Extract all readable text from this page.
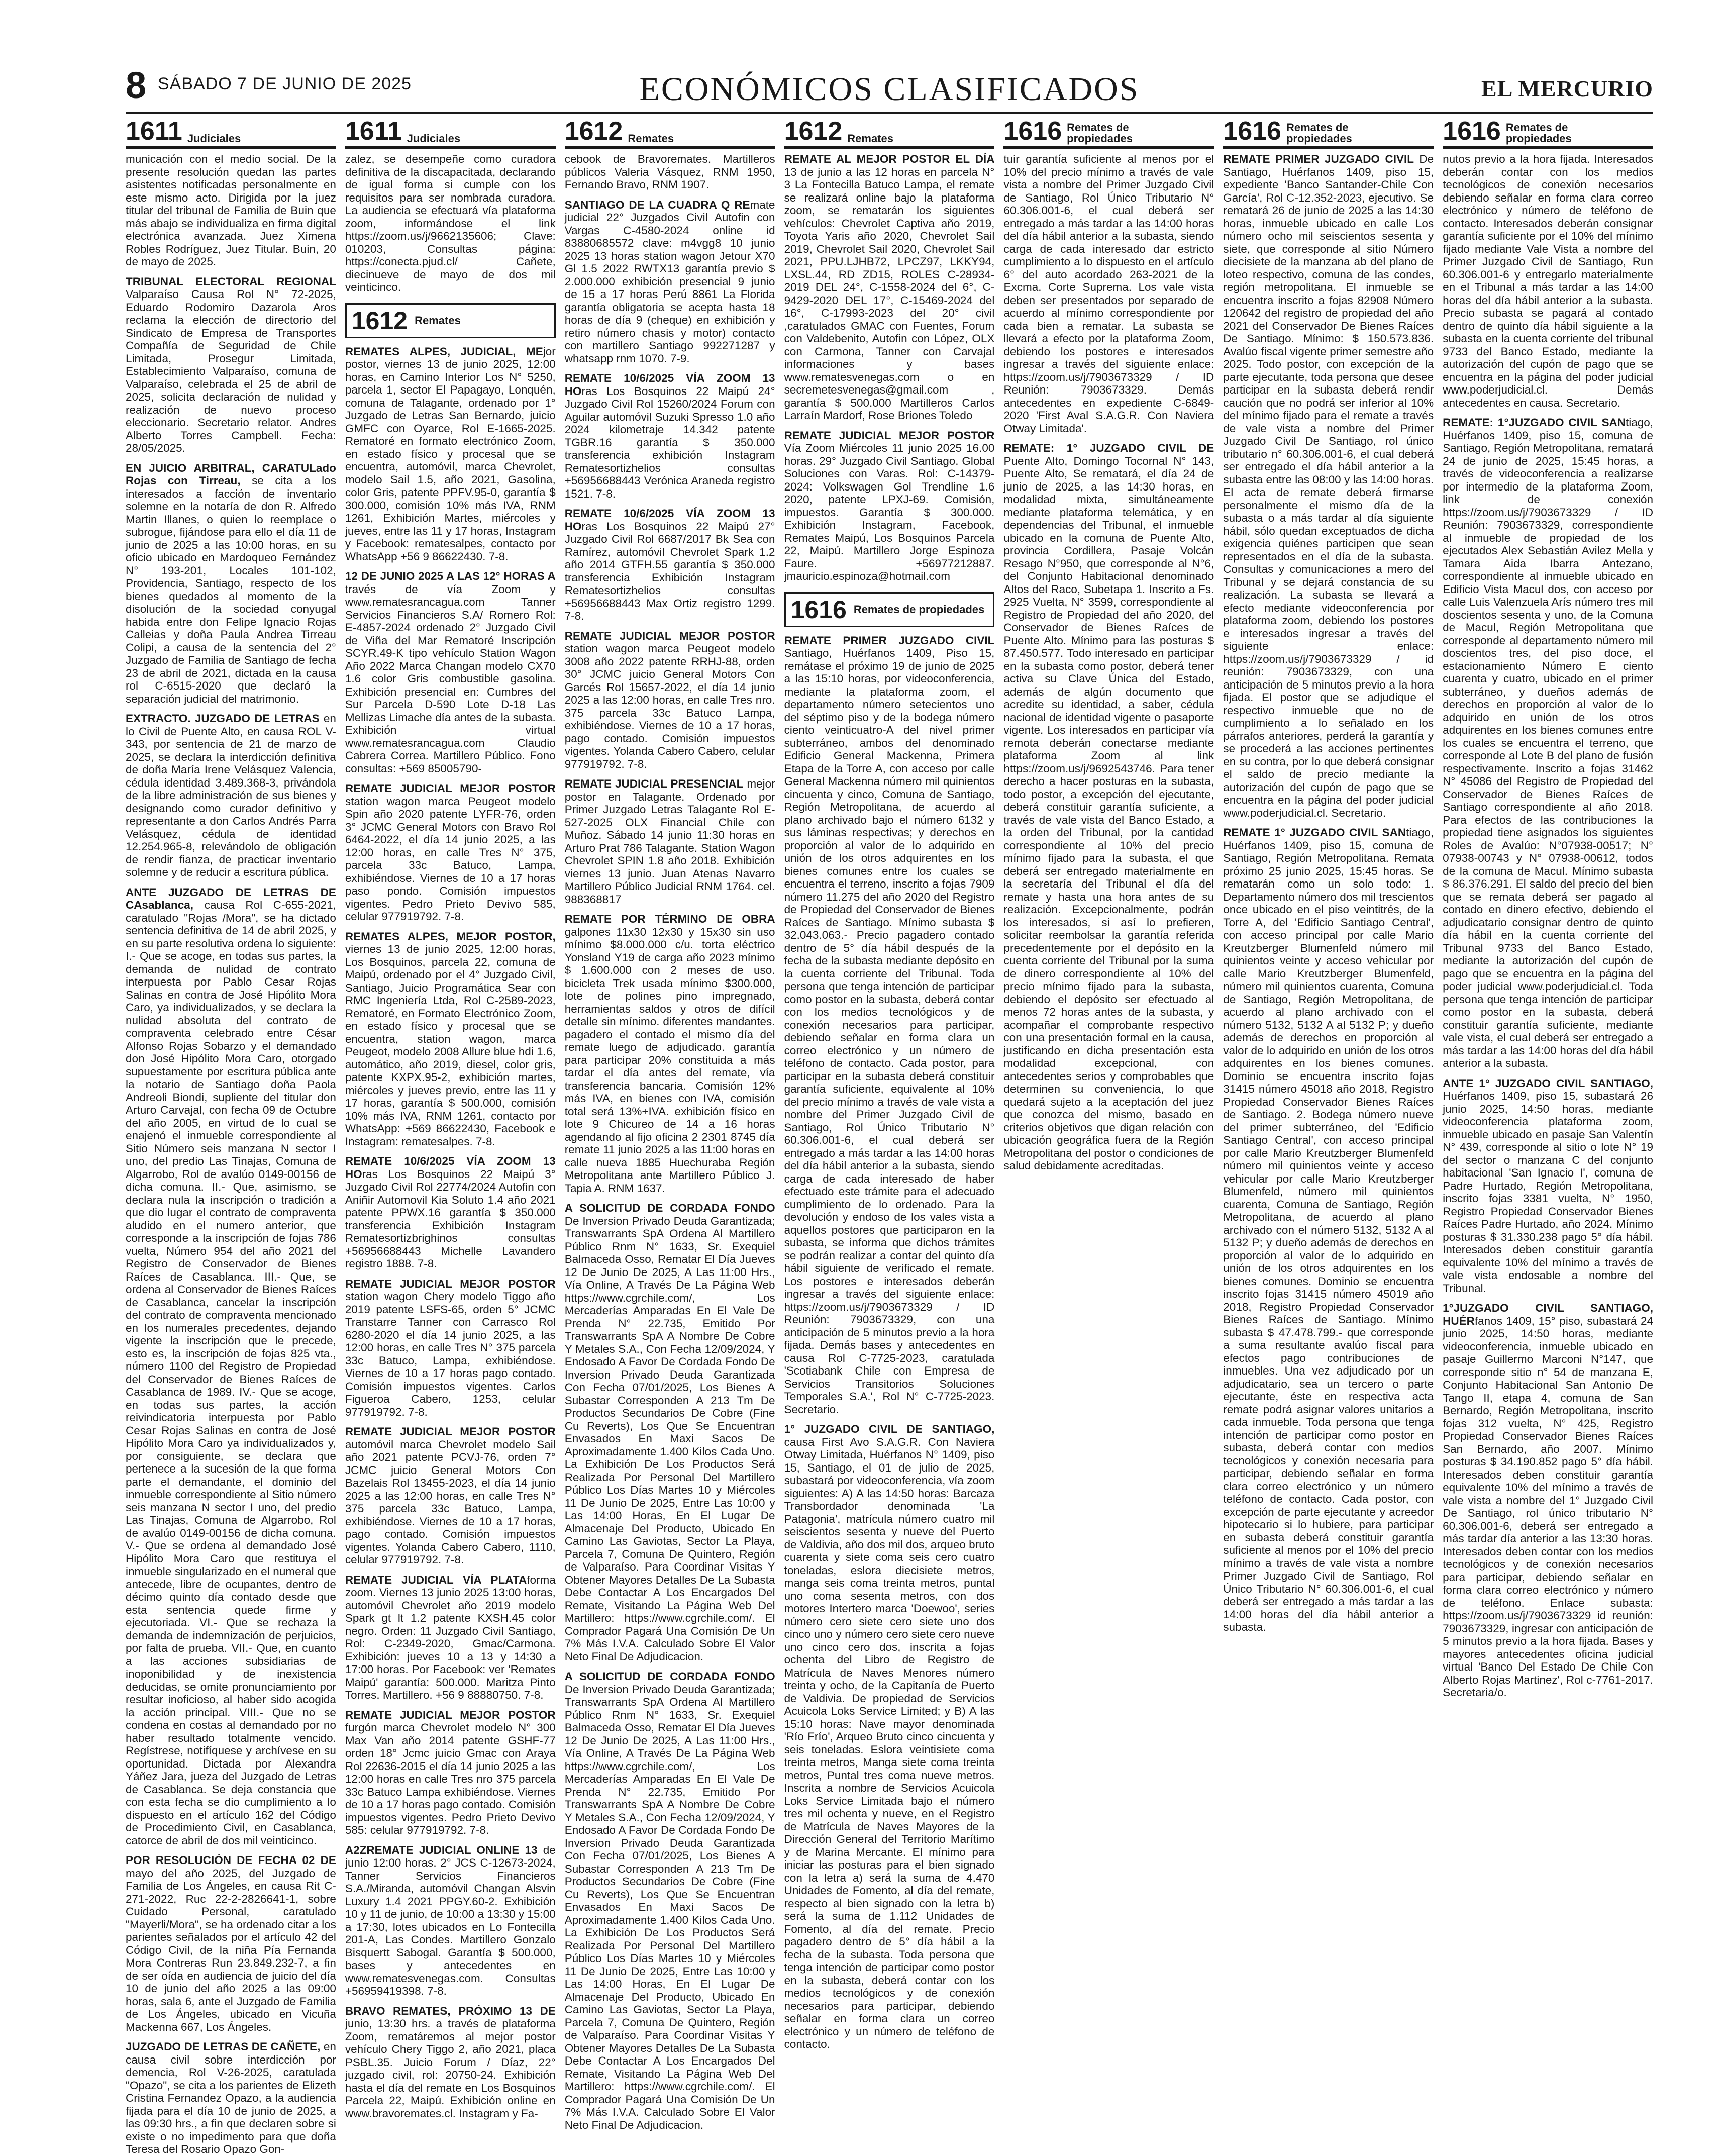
8 SÁBADO 7 DE JUNIO DE 2025	ECONÓMICOS CLASIFICADOS	EL MERCURIO
1611 Judiciales

municación con el medio social. De la presente resolución quedan las partes asistentes notificadas personalmente en este mismo acto. Dirigida por la juez titular del tribunal de Familia de Buin que más abajo se individualiza en firma digital electrónica avanzada. Juez Ximena Robles Rodríguez, Juez Titular. Buin, 20 de mayo de 2025.

TRIBUNAL ELECTORAL REGIONAL Valparaíso Causa Rol N° 72-2025, Eduardo Rodomiro Dazarola Aros reclama la elección de directorio del Sindicato de Empresa de Transportes Compañía de Seguridad de Chile Limitada, Prosegur Limitada, Establecimiento Valparaíso, comuna de Valparaíso, celebrada el 25 de abril de 2025, solicita declaración de nulidad y realización de nuevo proceso eleccionario. Secretario relator. Andres Alberto Torres Campbell. Fecha: 28/05/2025.

EN JUICIO ARBITRAL, CARATULado Rojas con Tirreau, se cita a los interesados a facción de inventario solemne en la notaría de don R. Alfredo Martin Illanes, o quien lo reemplace o subrogue, fijándose para ello el día 11 de junio de 2025 a las 10:00 horas, en su oficio ubicado en Mardoqueo Fernández N° 193-201, Locales 101-102, Providencia, Santiago, respecto de los bienes quedados al momento de la disolución de la sociedad conyugal habida entre don Felipe Ignacio Rojas Calleias y doña Paula Andrea Tirreau Colipi, a causa de la sentencia del 2° Juzgado de Familia de Santiago de fecha 23 de abril de 2021, dictada en la causa rol C-6515-2020 que declaró la separación judicial del matrimonio.

EXTRACTO. JUZGADO DE LETRAS en lo Civil de Puente Alto, en causa ROL V-343, por sentencia de 21 de marzo de 2025, se declara la interdicción definitiva de doña María Irene Velásquez Valencia, cédula identidad 3.489.368-3, privándola de la libre administración de sus bienes y designando como curador definitivo y representante a don Carlos Andrés Parra Velásquez, cédula de identidad 12.254.965-8, relevándolo de obligación de rendir fianza, de practicar inventario solemne y de reducir a escritura pública.

ANTE JUZGADO DE LETRAS DE CAsablanca, causa Rol C-655-2021, caratulado "Rojas /Mora", se ha dictado sentencia definitiva de 14 de abril 2025, y en su parte resolutiva ordena lo siguiente: I.- Que se acoge, en todas sus partes, la demanda de nulidad de contrato interpuesta por Pablo Cesar Rojas Salinas en contra de José Hipólito Mora Caro, ya individualizados, y se declara la nulidad absoluta del contrato de compraventa celebrado entre César Alfonso Rojas Sobarzo y el demandado don José Hipólito Mora Caro, otorgado supuestamente por escritura pública ante la notario de Santiago doña Paola Andreoli Biondi, supliente del titular don Arturo Carvajal, con fecha 09 de Octubre del año 2005, en virtud de lo cual se enajenó el inmueble correspondiente al Sitio Número seis manzana N sector I uno, del predio Las Tinajas, Comuna de Algarrobo, Rol de avalúo 0149-00156 de dicha comuna. II.- Que, asimismo, se declara nula la inscripción o tradición a que dio lugar el contrato de compraventa aludido en el numero anterior, que corresponde a la inscripción de fojas 786 vuelta, Número 954 del año 2021 del Registro de Conservador de Bienes Raíces de Casablanca. III.- Que, se ordena al Conservador de Bienes Raíces de Casablanca, cancelar la inscripción del contrato de compraventa mencionado en los numerales precedentes, dejando vigente la inscripción que le precede, esto es, la inscripción de fojas 825 vta., número 1100 del Registro de Propiedad del Conservador de Bienes Raíces de Casablanca de 1989. IV.- Que se acoge, en todas sus partes, la acción reivindicatoria interpuesta por Pablo Cesar Rojas Salinas en contra de José Hipólito Mora Caro ya individualizados y, por consiguiente, se declara que pertenece a la sucesión de la que forma parte el demandante, el dominio del inmueble correspondiente al Sitio número seis manzana N sector I uno, del predio Las Tinajas, Comuna de Algarrobo, Rol de avalúo 0149-00156 de dicha comuna. V.- Que se ordena al demandado José Hipólito Mora Caro que restituya el inmueble singularizado en el numeral que antecede, libre de ocupantes, dentro de décimo quinto día contado desde que esta sentencia quede firme y ejecutoriada. VI.- Que se rechaza la demanda de indemnización de perjuicios, por falta de prueba. VII.- Que, en cuanto a las acciones subsidiarias de inoponibilidad y de inexistencia deducidas, se omite pronunciamiento por resultar inoficioso, al haber sido acogida la acción principal. VIII.- Que no se condena en costas al demandado por no haber resultado totalmente vencido. Regístrese, notifíquese y archívese en su oportunidad. Dictada por Alexandra Yáñez Jara, jueza del Juzgado de Letras de Casablanca. Se deja constancia que con esta fecha se dio cumplimiento a lo dispuesto en el artículo 162 del Código de Procedimiento Civil, en Casablanca, catorce de abril de dos mil veinticinco.

POR RESOLUCIÓN DE FECHA 02 DE mayo del año 2025, del Juzgado de Familia de Los Ángeles, en causa Rit C-271-2022, Ruc 22-2-2826641-1, sobre Cuidado Personal, caratulado "Mayerli/Mora", se ha ordenado citar a los parientes señalados por el artículo 42 del Código Civil, de la niña Pía Fernanda Mora Contreras Run 23.849.232-7, a fin de ser oída en audiencia de juicio del día 10 de junio del año 2025 a las 09:00 horas, sala 6, ante el Juzgado de Familia de Los Ángeles, ubicado en Vicuña Mackenna 667, Los Ángeles.

JUZGADO DE LETRAS DE CAÑETE, en causa civil sobre interdicción por demencia, Rol V-26-2025, caratulada "Opazo", se cita a los parientes de Elizeth Cristina Fernandez Opazo, a la audiencia fijada para el día 10 de junio de 2025, a las 09:30 hrs., a fin que declaren sobre si existe o no impedimento para que doña Teresa del Rosario Opazo Gon-

1611 Judiciales

zalez, se desempeñe como curadora definitiva de la discapacitada, declarando de igual forma si cumple con los requisitos para ser nombrada curadora. La audiencia se efectuará vía plataforma zoom, informándose el link https://zoom.us/j/9662135606; Clave: 010203, Consultas página: https://conecta.pjud.cl/ Cañete, diecinueve de mayo de dos mil veinticinco.

1612 Remates

REMATES ALPES, JUDICIAL, MEjor postor, viernes 13 de junio 2025, 12:00 horas, en Camino Interior Los N° 5250, parcela 1, sector El Papagayo, Lonquén, comuna de Talagante, ordenado por 1° Juzgado de Letras San Bernardo, juicio GMFC con Oyarce, Rol E-1665-2025. Rematoré en formato electrónico Zoom, en estado físico y procesal que se encuentra, automóvil, marca Chevrolet, modelo Sail 1.5, año 2021, Gasolina, color Gris, patente PPFV.95-0, garantía $ 300.000, comisión 10% más IVA, RNM 1261, Exhibición Martes, miércoles y jueves, entre las 11 y 17 horas, Instagram y Facebook: rematesalpes, contacto por WhatsApp +56 9 86622430. 7-8.

12 DE JUNIO 2025 A LAS 12° HORAS A través de vía Zoom y www.rematesrancagua.com Tanner Servicios Financieros S.A/ Romero Rol: E-4857-2024 ordenado 2° Juzgado Civil de Viña del Mar Rematoré Inscripción SCYR.49-K tipo vehículo Station Wagon Año 2022 Marca Changan modelo CX70 1.6 color Gris combustible gasolina. Exhibición presencial en: Cumbres del Sur Parcela D-590 Lote D-18 Las Mellizas Limache día antes de la subasta. Exhibición virtual www.rematesrancagua.com Claudio Cabrera Correa. Martillero Público. Fono consultas: +569 85005790-

REMATE JUDICIAL MEJOR POSTOR station wagon marca Peugeot modelo Spin año 2020 patente LYFR-76, orden 3° JCMC General Motors con Bravo Rol 6464-2022, el día 14 junio 2025, a las 12:00 horas, en calle Tres N° 375, parcela 33c Batuco, Lampa, exhibiéndose. Viernes de 10 a 17 horas paso pondo. Comisión impuestos vigentes. Pedro Prieto Devivo 585, celular 977919792. 7-8.

REMATES ALPES, MEJOR POSTOR, viernes 13 de junio 2025, 12:00 horas, Los Bosquinos, parcela 22, comuna de Maipú, ordenado por el 4° Juzgado Civil, Santiago, Juicio Programática Sear con RMC Ingeniería Ltda, Rol C-2589-2023, Rematoré, en Formato Electrónico Zoom, en estado físico y procesal que se encuentra, station wagon, marca Peugeot, modelo 2008 Allure blue hdi 1.6, automático, año 2019, diesel, color gris, patente KXPX.95-2, exhibición martes, miércoles y jueves previo, entre las 11 y 17 horas, garantía $ 500.000, comisión 10% más IVA, RNM 1261, contacto por WhatsApp: +569 86622430, Facebook e Instagram: rematesalpes. 7-8.

REMATE 10/6/2025 VÍA ZOOM 13 HOras Los Bosquinos 22 Maipú 3° Juzgado Civil Rol 22774/2024 Autofin con Aniñir Automovil Kia Soluto 1.4 año 2021 patente PPWX.16 garantía $ 350.000 transferencia Exhibición Instagram Rematesortizbrighinos consultas +56956688443 Michelle Lavandero registro 1888. 7-8.

REMATE JUDICIAL MEJOR POSTOR station wagon Chery modelo Tiggo año 2019 patente LSFS-65, orden 5° JCMC Transtarre Tanner con Carrasco Rol 6280-2020 el día 14 junio 2025, a las 12:00 horas, en calle Tres N° 375 parcela 33c Batuco, Lampa, exhibiéndose. Viernes de 10 a 17 horas pago contado. Comisión impuestos vigentes. Carlos Figueroa Cabero, 1253, celular 977919792. 7-8.

REMATE JUDICIAL MEJOR POSTOR automóvil marca Chevrolet modelo Sail año 2021 patente PCVJ-76, orden 7° JCMC juicio General Motors Con Bazelais Rol 13455-2023, el día 14 junio 2025 a las 12:00 horas, en calle Tres N° 375 parcela 33c Batuco, Lampa, exhibiéndose. Viernes de 10 a 17 horas, pago contado. Comisión impuestos vigentes. Yolanda Cabero Cabero, 1110, celular 977919792. 7-8.

REMATE JUDICIAL VÍA PLATAforma zoom. Viernes 13 junio 2025 13:00 horas, automóvil Chevrolet año 2019 modelo Spark gt lt 1.2 patente KXSH.45 color negro. Orden: 11 Juzgado Civil Santiago, Rol: C-2349-2020, Gmac/Carmona. Exhibición: jueves 10 a 13 y 14:30 a 17:00 horas. Por Facebook: ver 'Remates Maipú' garantía: 500.000. Maritza Pinto Torres. Martillero. +56 9 88880750. 7-8.

REMATE JUDICIAL MEJOR POSTOR furgón marca Chevrolet modelo N° 300 Max Van año 2014 patente GSHF-77 orden 18° Jcmc juicio Gmac con Araya Rol 22636-2015 el día 14 junio 2025 a las 12:00 horas en calle Tres nro 375 parcela 33c Batuco Lampa exhibiéndose. Viernes de 10 a 17 horas pago contado. Comisión impuestos vigentes. Pedro Prieto Devivo 585: celular 977919792. 7-8.

A2ZREMATE JUDICIAL ONLINE 13 de junio 12:00 horas. 2° JCS C-12673-2024, Tanner Servicios Financieros S.A./Miranda, automóvil Changan Alsvin Luxury 1.4 2021 PPGY.60-2. Exhibición 10 y 11 de junio, de 10:00 a 13:30 y 15:00 a 17:30, lotes ubicados en Lo Fontecilla 201-A, Las Condes. Martillero Gonzalo Bisquertt Sabogal. Garantía $ 500.000, bases y antecedentes en www.rematesvenegas.com. Consultas +56959419398. 7-8.

BRAVO REMATES, PRÓXIMO 13 DE junio, 13:30 hrs. a través de plataforma Zoom, rematáremos al mejor postor vehículo Chery Tiggo 2, año 2021, placa PSBL.35. Juicio Forum / Díaz, 22° juzgado civil, rol: 20750-24. Exhibición hasta el día del remate en Los Bosquinos Parcela 22, Maipú. Exhibición online en www.bravoremates.cl. Instagram y Fa-

1612 Remates

cebook de Bravoremates. Martilleros públicos Valeria Vásquez, RNM 1950, Fernando Bravo, RNM 1907.

SANTIAGO DE LA CUADRA Q REmate judicial 22° Juzgados Civil Autofin con Vargas C-4580-2024 online id 83880685572 clave: m4vgg8 10 junio 2025 13 horas station wagon Jetour X70 Gl 1.5 2022 RWTX13 garantía previo $ 2.000.000 exhibición presencial 9 junio de 15 a 17 horas Perú 8861 La Florida garantía obligatoria se acepta hasta 18 horas de día 9 (cheque) en exhibición y retiro número chasis y motor) contacto con martillero Santiago 992271287 y whatsapp rnm 1070. 7-9.

REMATE 10/6/2025 VÍA ZOOM 13 HOras Los Bosquinos 22 Maipú 24° Juzgado Civil Rol 15260/2024 Forum con Aguilar automóvil Suzuki Spresso 1.0 año 2024 kilometraje 14.342 patente TGBR.16 garantía $ 350.000 transferencia exhibición Instagram Rematesortizhelios consultas +56956688443 Verónica Araneda registro 1521. 7-8.

REMATE 10/6/2025 VÍA ZOOM 13 HOras Los Bosquinos 22 Maipú 27° Juzgado Civil Rol 6687/2017 Bk Sea con Ramírez, automóvil Chevrolet Spark 1.2 año 2014 GTFH.55 garantía $ 350.000 transferencia Exhibición Instagram Rematesortizhelios consultas +56956688443 Max Ortiz registro 1299. 7-8.

REMATE JUDICIAL MEJOR POSTOR station wagon marca Peugeot modelo 3008 año 2022 patente RRHJ-88, orden 30° JCMC juicio General Motors Con Garcés Rol 15657-2022, el día 14 junio 2025 a las 12:00 horas, en calle Tres nro. 375 parcela 33c Batuco Lampa, exhibiéndose. Viernes de 10 a 17 horas, pago contado. Comisión impuestos vigentes. Yolanda Cabero Cabero, celular 977919792. 7-8.

REMATE JUDICIAL PRESENCIAL mejor postor en Talagante. Ordenado por Primer Juzgado Letras Talagante Rol E-527-2025 OLX Financial Chile con Muñoz. Sábado 14 junio 11:30 horas en Arturo Prat 786 Talagante. Station Wagon Chevrolet SPIN 1.8 año 2018. Exhibición viernes 13 junio. Juan Atenas Navarro Martillero Público Judicial RNM 1764. cel. 988368817

REMATE POR TÉRMINO DE OBRA galpones 11x30 12x30 y 15x30 sin uso mínimo $8.000.000 c/u. torta eléctrico Yonsland Y19 de carga año 2023 mínimo $ 1.600.000 con 2 meses de uso. bicicleta Trek usada mínimo $300.000, lote de polines pino impregnado, herramientas saldos y otros de difícil detalle sin mínimo. diferentes mandantes. pagadero el contado el mismo día del remate luego de adjudicado. garantía para participar 20% constituida a más tardar el día antes del remate, vía transferencia bancaria. Comisión 12% más IVA, en bienes con IVA, comisión total será 13%+IVA. exhibición físico en lote 9 Chicureo de 14 a 16 horas agendando al fijo oficina 2 2301 8745 día remate 11 junio 2025 a las 11:00 horas en calle nueva 1885 Huechuraba Región Metropolitana ante Martillero Público J. Tapia A. RNM 1637.

A SOLICITUD DE CORDADA FONDO De Inversion Privado Deuda Garantizada; Transwarrants SpA Ordena Al Martillero Público Rnm N° 1633, Sr. Exequiel Balmaceda Osso, Rematar El Día Jueves 12 De Junio De 2025, A Las 11:00 Hrs., Vía Online, A Través De La Página Web https://www.cgrchile.com/, Los Mercaderías Amparadas En El Vale De Prenda N° 22.735, Emitido Por Transwarrants SpA A Nombre De Cobre Y Metales S.A., Con Fecha 12/09/2024, Y Endosado A Favor De Cordada Fondo De Inversion Privado Deuda Garantizada Con Fecha 07/01/2025, Los Bienes A Subastar Corresponden A 213 Tm De Productos Secundarios De Cobre (Fine Cu Reverts), Los Que Se Encuentran Envasados En Maxi Sacos De Aproximadamente 1.400 Kilos Cada Uno. La Exhibición De Los Productos Será Realizada Por Personal Del Martillero Público Los Días Martes 10 y Miércoles 11 De Junio De 2025, Entre Las 10:00 y Las 14:00 Horas, En El Lugar De Almacenaje Del Producto, Ubicado En Camino Las Gaviotas, Sector La Playa, Parcela 7, Comuna De Quintero, Región de Valparaíso. Para Coordinar Visitas Y Obtener Mayores Detalles De La Subasta Debe Contactar A Los Encargados Del Remate, Visitando La Página Web Del Martillero: https://www.cgrchile.com/. El Comprador Pagará Una Comisión De Un 7% Más I.V.A. Calculado Sobre El Valor Neto Final De Adjudicacion.

A SOLICITUD DE CORDADA FONDO De Inversion Privado Deuda Garantizada; Transwarrants SpA Ordena Al Martillero Público Rnm N° 1633, Sr. Exequiel Balmaceda Osso, Rematar El Día Jueves 12 De Junio De 2025, A Las 11:00 Hrs., Vía Online, A Través De La Página Web https://www.cgrchile.com/, Los Mercaderías Amparadas En El Vale De Prenda N° 22.735, Emitido Por Transwarrants SpA A Nombre De Cobre Y Metales S.A., Con Fecha 12/09/2024, Y Endosado A Favor De Cordada Fondo De Inversion Privado Deuda Garantizada Con Fecha 07/01/2025, Los Bienes A Subastar Corresponden A 213 Tm De Productos Secundarios De Cobre (Fine Cu Reverts), Los Que Se Encuentran Envasados En Maxi Sacos De Aproximadamente 1.400 Kilos Cada Uno. La Exhibición De Los Productos Será Realizada Por Personal Del Martillero Público Los Días Martes 10 y Miércoles 11 De Junio De 2025, Entre Las 10:00 y Las 14:00 Horas, En El Lugar De Almacenaje Del Producto, Ubicado En Camino Las Gaviotas, Sector La Playa, Parcela 7, Comuna De Quintero, Región de Valparaíso. Para Coordinar Visitas Y Obtener Mayores Detalles De La Subasta Debe Contactar A Los Encargados Del Remate, Visitando La Página Web Del Martillero: https://www.cgrchile.com/. El Comprador Pagará Una Comisión De Un 7% Más I.V.A. Calculado Sobre El Valor Neto Final De Adjudicacion.

1612 Remates

REMATE AL MEJOR POSTOR EL DÍA 13 de junio a las 12 horas en parcela N° 3 La Fontecilla Batuco Lampa, el remate se realizará online bajo la plataforma zoom, se rematarán los siguientes vehículos: Chevrolet Captiva año 2019, Toyota Yaris año 2020, Chevrolet Sail 2019, Chevrolet Sail 2020, Chevrolet Sail 2021, PPU.LJHB72, LPCZ97, LKKY94, LXSL.44, RD ZD15, ROLES C-28934-2019 DEL 24°, C-1558-2024 del 6°, C-9429-2020 DEL 17°, C-15469-2024 del 16°, C-17993-2023 del 20° civil ,caratulados GMAC con Fuentes, Forum con Valdebenito, Autofin con López, OLX con Carmona, Tanner con Carvajal informaciones y bases www.rematesvenegas.com o en secremetesvenegas@gmail.com , garantía $ 500.000 Martilleros Carlos Larraín Mardorf, Rose Briones Toledo

REMATE JUDICIAL MEJOR POSTOR Vía Zoom Miércoles 11 junio 2025 16.00 horas. 29° Juzgado Civil Santiago. Global Soluciones con Varas. Rol: C-14379-2024: Volkswagen Gol Trendline 1.6 2020, patente LPXJ-69. Comisión, impuestos. Garantía $ 300.000. Exhibición Instagram, Facebook, Remates Maipú, Los Bosquinos Parcela 22, Maipú. Martillero Jorge Espinoza Faure. +56977212887. jmauricio.espinoza@hotmail.com

1616 Remates de propiedades

REMATE PRIMER JUZGADO CIVIL Santiago, Huérfanos 1409, Piso 15, remátase el próximo 19 de junio de 2025 a las 15:10 horas, por videoconferencia, mediante la plataforma zoom, el departamento número setecientos uno del séptimo piso y de la bodega número ciento veinticuatro-A del nivel primer subterráneo, ambos del denominado Edificio General Mackenna, Primera Etapa de la Torre A, con acceso por calle General Mackenna número mil quinientos cincuenta y cinco, Comuna de Santiago, Región Metropolitana, de acuerdo al plano archivado bajo el número 6132 y sus láminas respectivas; y derechos en proporción al valor de lo adquirido en unión de los otros adquirentes en los bienes comunes entre los cuales se encuentra el terreno, inscrito a fojas 7909 número 11.275 del año 2020 del Registro de Propiedad del Conservador de Bienes Raíces de Santiago. Mínimo subasta $ 32.043.063.- Precio pagadero contado dentro de 5° día hábil después de la fecha de la subasta mediante depósito en la cuenta corriente del Tribunal. Toda persona que tenga intención de participar como postor en la subasta, deberá contar con los medios tecnológicos y de conexión necesarios para participar, debiendo señalar en forma clara un correo electrónico y un número de teléfono de contacto. Cada postor, para participar en la subasta deberá constituir garantía suficiente, equivalente al 10% del precio mínimo a través de vale vista a nombre del Primer Juzgado Civil de Santiago, Rol Único Tributario N° 60.306.001-6, el cual deberá ser entregado a más tardar a las 14:00 horas del día hábil anterior a la subasta, siendo carga de cada interesado de haber efectuado este trámite para el adecuado cumplimiento de lo ordenado. Para la devolución y endoso de los vales vista a aquellos postores que participaron en la subasta, se informa que dichos trámites se podrán realizar a contar del quinto día hábil siguiente de verificado el remate. Los postores e interesados deberán ingresar a través del siguiente enlace: https://zoom.us/j/7903673329 / ID Reunión: 7903673329, con una anticipación de 5 minutos previo a la hora fijada. Demás bases y antecedentes en causa Rol C-7725-2023, caratulada 'Scotiabank Chile con Empresa de Servicios Transitorios Soluciones Temporales S.A.', Rol N° C-7725-2023. Secretario.

1° JUZGADO CIVIL DE SANTIAGO, causa First Avo S.A.G.R. Con Naviera Otway Limitada, Huérfanos N° 1409, piso 15, Santiago, el 01 de julio de 2025, subastará por videoconferencia, vía zoom siguientes: A) A las 14:50 horas: Barcaza Transbordador denominada 'La Patagonia', matrícula número cuatro mil seiscientos sesenta y nueve del Puerto de Valdivia, año dos mil dos, arqueo bruto cuarenta y siete coma seis cero cuatro toneladas, eslora diecisiete metros, manga seis coma treinta metros, puntal uno coma sesenta metros, con dos motores Intertero marca 'Doewoo', series número cero siete cero siete uno dos cinco uno y número cero siete cero nueve uno cinco cero dos, inscrita a fojas ochenta del Libro de Registro de Matrícula de Naves Menores número treinta y ocho, de la Capitanía de Puerto de Valdivia. De propiedad de Servicios Acuicola Loks Service Limited; y B) A las 15:10 horas: Nave mayor denominada 'Río Frío', Arqueo Bruto cinco cincuenta y seis toneladas. Eslora veintisiete coma treinta metros, Manga siete coma treinta metros, Puntal tres coma nueve metros. Inscrita a nombre de Servicios Acuicola Loks Service Limitada bajo el número tres mil ochenta y nueve, en el Registro de Matrícula de Naves Mayores de la Dirección General del Territorio Marítimo y de Marina Mercante. El mínimo para iniciar las posturas para el bien signado con la letra a) será la suma de 4.470 Unidades de Fomento, al día del remate, respecto al bien signado con la letra b) será la suma de 1.112 Unidades de Fomento, al día del remate. Precio pagadero dentro de 5° día hábil a la fecha de la subasta. Toda persona que tenga intención de participar como postor en la subasta, deberá contar con los medios tecnológicos y de conexión necesarios para participar, debiendo señalar en forma clara un correo electrónico y un número de teléfono de contacto.

1616 Remates de propiedades

tuir garantía suficiente al menos por el 10% del precio mínimo a través de vale vista a nombre del Primer Juzgado Civil de Santiago, Rol Único Tributario N° 60.306.001-6, el cual deberá ser entregado a más tardar a las 14:00 horas del día hábil anterior a la subasta, siendo carga de cada interesado dar estricto cumplimiento a lo dispuesto en el artículo 6° del auto acordado 263-2021 de la Excma. Corte Suprema. Los vale vista deben ser presentados por separado de acuerdo al mínimo correspondiente por cada bien a rematar. La subasta se llevará a efecto por la plataforma Zoom, debiendo los postores e interesados ingresar a través del siguiente enlace: https://zoom.us/j/7903673329 / ID Reunión: 7903673329. Demás antecedentes en expediente C-6849-2020 'First Aval S.A.G.R. Con Naviera Otway Limitada'.

REMATE: 1° JUZGADO CIVIL DE Puente Alto, Domingo Tocornal N° 143, Puente Alto, Se rematará, el día 24 de junio de 2025, a las 14:30 horas, en modalidad mixta, simultáneamente mediante plataforma telemática, y en dependencias del Tribunal, el inmueble ubicado en la comuna de Puente Alto, provincia Cordillera, Pasaje Volcán Resago N°950, que corresponde al N°6, del Conjunto Habitacional denominado Altos del Raco, Subetapa 1. Inscrito a Fs. 2925 Vuelta, N° 3599, correspondiente al Registro de Propiedad del año 2020, del Conservador de Bienes Raíces de Puente Alto. Mínimo para las posturas $ 87.450.577. Todo interesado en participar en la subasta como postor, deberá tener activa su Clave Única del Estado, además de algún documento que acredite su identidad, a saber, cédula nacional de identidad vigente o pasaporte vigente. Los interesados en participar vía remota deberán conectarse mediante plataforma Zoom al link https://zoom.us/j/9692543746. Para tener derecho a hacer posturas en la subasta, todo postor, a excepción del ejecutante, deberá constituir garantía suficiente, a través de vale vista del Banco Estado, a la orden del Tribunal, por la cantidad correspondiente al 10% del precio mínimo fijado para la subasta, el que deberá ser entregado materialmente en la secretaría del Tribunal el día del remate y hasta una hora antes de su realización. Excepcionalmente, podrán los interesados, si así lo prefieren, solicitar reembolsar la garantía referida precedentemente por el depósito en la cuenta corriente del Tribunal por la suma de dinero correspondiente al 10% del precio mínimo fijado para la subasta, debiendo el depósito ser efectuado al menos 72 horas antes de la subasta, y acompañar el comprobante respectivo con una presentación formal en la causa, justificando en dicha presentación esta modalidad excepcional, con antecedentes serios y comprobables que determinen su conveniencia, lo que quedará sujeto a la aceptación del juez que conozca del mismo, basado en criterios objetivos que digan relación con ubicación geográfica fuera de la Región Metropolitana del postor o condiciones de salud debidamente acreditadas.

1616 Remates de propiedades

REMATE PRIMER JUZGADO CIVIL De Santiago, Huérfanos 1409, piso 15, expediente 'Banco Santander-Chile Con García', Rol C-12.352-2023, ejecutivo. Se rematará 26 de junio de 2025 a las 14:30 horas, inmueble ubicado en calle Los número ocho mil seiscientos sesenta y siete, que corresponde al sitio Número diecisiete de la manzana ab del plano de loteo respectivo, comuna de las condes, región metropolitana. El inmueble se encuentra inscrito a fojas 82908 Número 120642 del registro de propiedad del año 2021 del Conservador De Bienes Raíces De Santiago. Mínimo: $ 150.573.836. Avalúo fiscal vigente primer semestre año 2025. Todo postor, con excepción de la parte ejecutante, toda persona que desee participar en la subasta deberá rendir caución que no podrá ser inferior al 10% del mínimo fijado para el remate a través de vale vista a nombre del Primer Juzgado Civil De Santiago, rol único tributario n° 60.306.001-6, el cual deberá ser entregado el día hábil anterior a la subasta entre las 08:00 y las 14:00 horas. El acta de remate deberá firmarse personalmente el mismo día de la subasta o a más tardar al día siguiente hábil, sólo quedan exceptuados de dicha exigencia quiénes participen que sean representados en el día de la subasta. Consultas y comunicaciones a mero del Tribunal y se dejará constancia de su realización. La subasta se llevará a efecto mediante videoconferencia por plataforma zoom, debiendo los postores e interesados ingresar a través del siguiente enlace: https://zoom.us/j/7903673329 / id reunión: 7903673329, con una anticipación de 5 minutos previo a la hora fijada. El postor que se adjudique el respectivo inmueble que no de cumplimiento a lo señalado en los párrafos anteriores, perderá la garantía y se procederá a las acciones pertinentes en su contra, por lo que deberá consignar el saldo de precio mediante la autorización del cupón de pago que se encuentra en la página del poder judicial www.poderjudicial.cl. Secretario.

REMATE 1° JUZGADO CIVIL SANtiago, Huérfanos 1409, piso 15, comuna de Santiago, Región Metropolitana. Remata próximo 25 junio 2025, 15:45 horas. Se rematarán como un solo todo: 1. Departamento número dos mil trescientos once ubicado en el piso veintitrés, de la Torre A, del 'Edificio Santiago Central', con acceso principal por calle Mario Kreutzberger Blumenfeld número mil quinientos veinte y acceso vehicular por calle Mario Kreutzberger Blumenfeld, número mil quinientos cuarenta, Comuna de Santiago, Región Metropolitana, de acuerdo al plano archivado con el número 5132, 5132 A al 5132 P; y dueño además de derechos en proporción al valor de lo adquirido en unión de los otros adquirentes en los bienes comunes. Dominio se encuentra inscrito fojas 31415 número 45018 año 2018, Registro Propiedad Conservador Bienes Raíces de Santiago. 2. Bodega número nueve del primer subterráneo, del 'Edificio Santiago Central', con acceso principal por calle Mario Kreutzberger Blumenfeld número mil quinientos veinte y acceso vehicular por calle Mario Kreutzberger Blumenfeld, número mil quinientos cuarenta, Comuna de Santiago, Región Metropolitana, de acuerdo al plano archivado con el número 5132, 5132 A al 5132 P; y dueño además de derechos en proporción al valor de lo adquirido en unión de los otros adquirentes en los bienes comunes. Dominio se encuentra inscrito fojas 31415 número 45019 año 2018, Registro Propiedad Conservador Bienes Raíces de Santiago. Mínimo subasta $ 47.478.799.- que corresponde a suma resultante avalúo fiscal para efectos pago contribuciones de inmuebles. Una vez adjudicado por un adjudicatario, sea un tercero o parte ejecutante, éste en respectiva acta remate podrá asignar valores unitarios a cada inmueble. Toda persona que tenga intención de participar como postor en subasta, deberá contar con medios tecnológicos y conexión necesaria para participar, debiendo señalar en forma clara correo electrónico y un número teléfono de contacto. Cada postor, con excepción de parte ejecutante y acreedor hipotecario si lo hubiere, para participar en subasta deberá constituir garantía suficiente al menos por el 10% del precio mínimo a través de vale vista a nombre Primer Juzgado Civil de Santiago, Rol Único Tributario N° 60.306.001-6, el cual deberá ser entregado a más tardar a las 14:00 horas del día hábil anterior a subasta.

1616 Remates de propiedades

nutos previo a la hora fijada. Interesados deberán contar con los medios tecnológicos de conexión necesarios debiendo señalar en forma clara correo electrónico y número de teléfono de contacto. Interesados deberán consignar garantía suficiente por el 10% del mínimo fijado mediante Vale Vista a nombre del Primer Juzgado Civil de Santiago, Run 60.306.001-6 y entregarlo materialmente en el Tribunal a más tardar a las 14:00 horas del día hábil anterior a la subasta. Precio subasta se pagará al contado dentro de quinto día hábil siguiente a la subasta en la cuenta corriente del tribunal 9733 del Banco Estado, mediante la autorización del cupón de pago que se encuentra en la página del poder judicial www.poderjudicial.cl. Demás antecedentes en causa. Secretario.

REMATE: 1°JUZGADO CIVIL SANtiago, Huérfanos 1409, piso 15, comuna de Santiago, Región Metropolitana, rematará 24 de junio de 2025, 15:45 horas, a través de videoconferencia a realizarse por intermedio de la plataforma Zoom, link de conexión https://zoom.us/j/7903673329 / ID Reunión: 7903673329, correspondiente al inmueble de propiedad de los ejecutados Alex Sebastián Avilez Mella y Tamara Aida Ibarra Antezano, correspondiente al inmueble ubicado en Edificio Vista Macul dos, con acceso por calle Luis Valenzuela Arís número tres mil doscientos sesenta y uno, de la Comuna de Macul, Región Metropolitana que corresponde al departamento número mil doscientos tres, del piso doce, el estacionamiento Número E ciento cuarenta y cuatro, ubicado en el primer subterráneo, y dueños además de derechos en proporción al valor de lo adquirido en unión de los otros adquirentes en los bienes comunes entre los cuales se encuentra el terreno, que corresponde al Lote B del plano de fusión respectivamente. Inscrito a fojas 31462 N° 45086 del Registro de Propiedad del Conservador de Bienes Raíces de Santiago correspondiente al año 2018. Para efectos de las contribuciones la propiedad tiene asignados los siguientes Roles de Avalúo: N°07938-00517; N° 07938-00743 y N° 07938-00612, todos de la comuna de Macul. Mínimo subasta $ 86.376.291. El saldo del precio del bien que se remata deberá ser pagado al contado en dinero efectivo, debiendo el adjudicatario consignar dentro de quinto día hábil en la cuenta corriente del Tribunal 9733 del Banco Estado, mediante la autorización del cupón de pago que se encuentra en la página del poder judicial www.poderjudicial.cl. Toda persona que tenga intención de participar como postor en la subasta, deberá constituir garantía suficiente, mediante vale vista, el cual deberá ser entregado a más tardar a las 14:00 horas del día hábil anterior a la subasta.

ANTE 1° JUZGADO CIVIL SANTIAGO, Huérfanos 1409, piso 15, subastará 26 junio 2025, 14:50 horas, mediante videoconferencia plataforma zoom, inmueble ubicado en pasaje San Valentín N° 439, corresponde al sitio o lote N° 19 del sector o manzana C del conjunto habitacional 'San Ignacio I', comuna de Padre Hurtado, Región Metropolitana, inscrito fojas 3381 vuelta, N° 1950, Registro Propiedad Conservador Bienes Raíces Padre Hurtado, año 2024. Mínimo posturas $ 31.330.238 pago 5° día hábil. Interesados deben constituir garantía equivalente 10% del mínimo a través de vale vista endosable a nombre del Tribunal.

1°JUZGADO CIVIL SANTIAGO, HUÉRfanos 1409, 15° piso, subastará 24 junio 2025, 14:50 horas, mediante videoconferencia, inmueble ubicado en pasaje Guillermo Marconi N°147, que corresponde sitio n° 54 de manzana E, Conjunto Habitacional San Antonio De Tango II, etapa 4, comuna de San Bernardo, Región Metropolitana, inscrito fojas 312 vuelta, N° 425, Registro Propiedad Conservador Bienes Raíces San Bernardo, año 2007. Mínimo posturas $ 34.190.852 pago 5° día hábil. Interesados deben constituir garantía equivalente 10% del mínimo a través de vale vista a nombre del 1° Juzgado Civil De Santiago, rol único tributario N° 60.306.001-6, deberá ser entregado a más tardar día anterior a las 13:30 horas. Interesados deben contar con los medios tecnológicos y de conexión necesarios para participar, debiendo señalar en forma clara correo electrónico y número de teléfono. Enlace subasta: https://zoom.us/j/7903673329 id reunión: 7903673329, ingresar con anticipación de 5 minutos previo a la hora fijada. Bases y mayores antecedentes oficina judicial virtual 'Banco Del Estado De Chile Con Alberto Rojas Martinez', Rol c-7761-2017. Secretaria/o.
